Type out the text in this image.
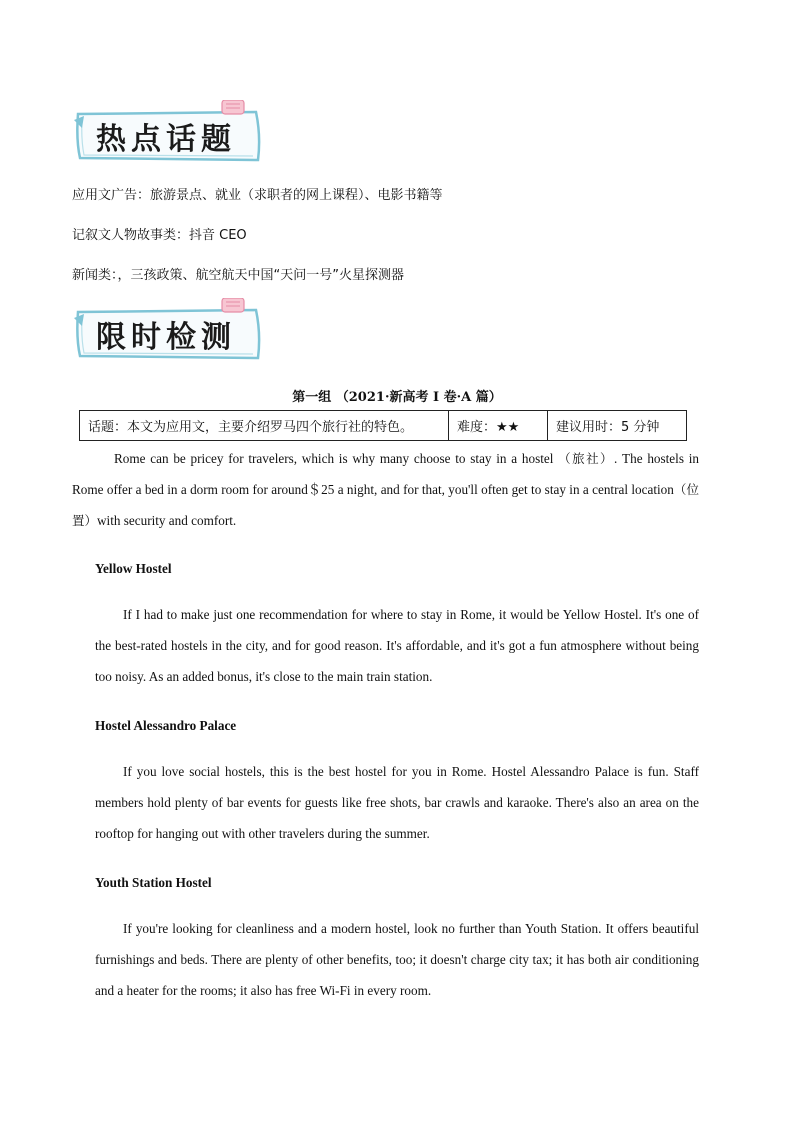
热点话题
应用文广告：旅游景点、就业（求职者的网上课程）、电影书籍等
记叙文人物故事类：抖音 CEO
新闻类：，三孩政策、航空航天中国“天问一号”火星探测器
限时检测
第一组 （2021·新高考 I 卷·A 篇）
话题：本文为应用文，主要介绍罗马四个旅行社的特色。	难度：★★	建议用时：5 分钟
Rome can be pricey for travelers, which is why many choose to stay in a hostel （旅社）. The hostels in Rome offer a bed in a dorm room for around＄25 a night, and for that, you'll often get to stay in a central location（位置）with security and comfort.
Yellow Hostel
If I had to make just one recommendation for where to stay in Rome, it would be Yellow Hostel. It's one of the best-rated hostels in the city, and for good reason. It's affordable, and it's got a fun atmosphere without being too noisy. As an added bonus, it's close to the main train station.
Hostel Alessandro Palace
If you love social hostels, this is the best hostel for you in Rome. Hostel Alessandro Palace is fun. Staff members hold plenty of bar events for guests like free shots, bar crawls and karaoke. There's also an area on the rooftop for hanging out with other travelers during the summer.
Youth Station Hostel
If you're looking for cleanliness and a modern hostel, look no further than Youth Station. It offers beautiful furnishings and beds. There are plenty of other benefits, too; it doesn't charge city tax; it has both air conditioning and a heater for the rooms; it also has free Wi-Fi in every room.
